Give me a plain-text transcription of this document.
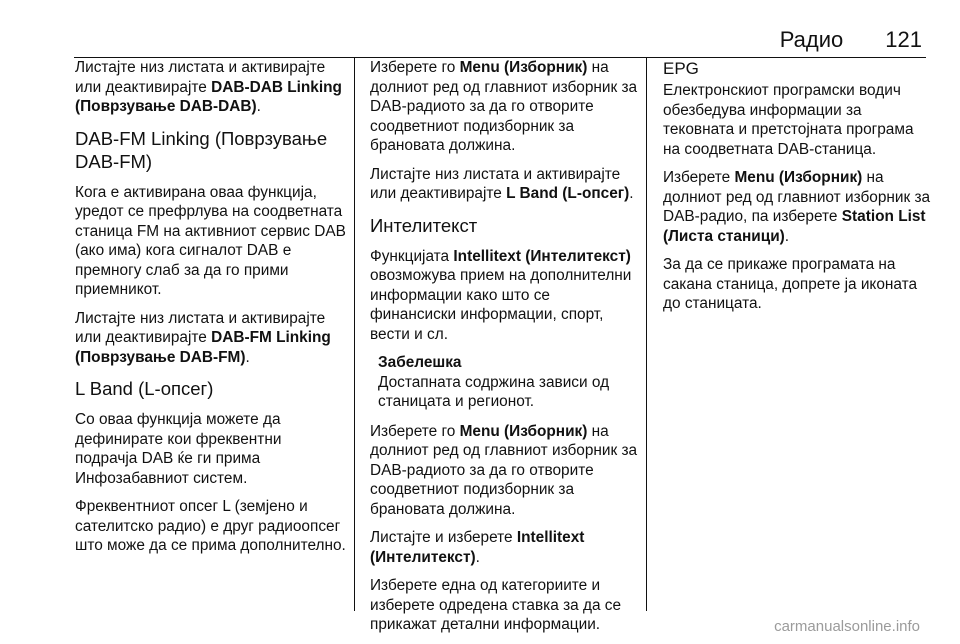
Радио 121

Листајте низ листата и активирајте или деактивирајте DAB-DAB Linking (Поврзување DAB-DAB).

DAB-FM Linking (Поврзување DAB-FM)

Кога е активирана оваа функција, уредот се префрлува на соодветната станица FM на активниот сервис DAB (ако има) кога сигналот DAB е премногу слаб за да го прими приемникот.

Листајте низ листата и активирајте или деактивирајте DAB-FM Linking (Поврзување DAB-FM).

L Band (L-опсег)

Со оваа функција можете да дефинирате кои фреквентни подрачја DAB ќе ги прима Инфозабавниот систем.

Фреквентниот опсег L (земјено и сателитско радио) е друг радиоопсег што може да се прима дополнително.

Изберете го Menu (Изборник) на долниот ред од главниот изборник за DAB-радиото за да го отворите соодветниот подизборник за брановата должина.

Листајте низ листата и активирајте или деактивирајте L Band (L-опсег).

Интелитекст

Функцијата Intellitext (Интелитекст) овозможува прием на дополнителни информации како што се финансиски информации, спорт, вести и сл.

Забелешка
Достапната содржина зависи од станицата и регионот.

Изберете го Menu (Изборник) на долниот ред од главниот изборник за DAB-радиото за да го отворите соодветниот подизборник за брановата должина.

Листајте и изберете Intellitext (Интелитекст).

Изберете една од категориите и изберете одредена ставка за да се прикажат детални информации.

EPG

Електронскиот програмски водич обезбедува информации за тековната и претстојната програма на соодветната DAB-станица.

Изберете Menu (Изборник) на долниот ред од главниот изборник за DAB-радио, па изберете Station List (Листа станици).

За да се прикаже програмата на сакана станица, допрете ја иконата до станицата.

carmanualsonline.info
